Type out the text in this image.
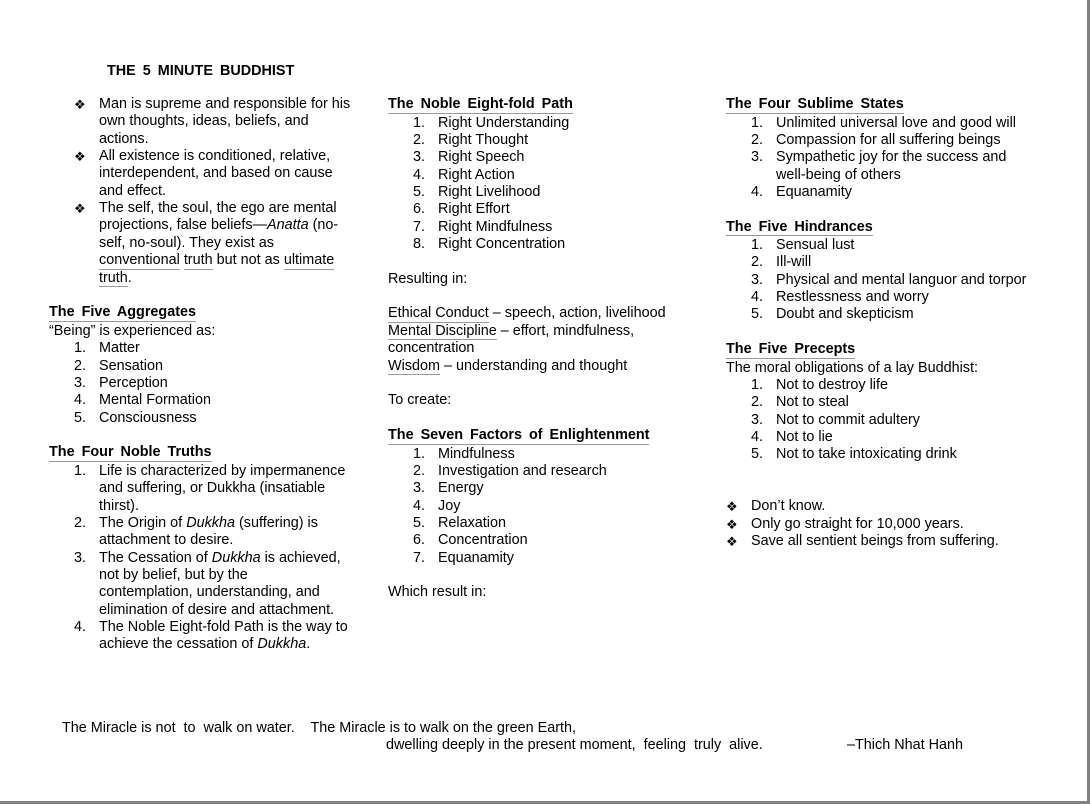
THE 5 MINUTE BUDDHIST
❖ Man is supreme and responsible for his
own thoughts, ideas, beliefs, and
actions.
❖ All existence is conditioned, relative,
interdependent, and based on cause
and effect.
❖ The self, the soul, the ego are mental
projections, false beliefs—Anatta (no-
self, no-soul). They exist as
conventional truth but not as ultimate
truth.
The Five Aggregates
“Being” is experienced as:
1. Matter
2. Sensation
3. Perception
4. Mental Formation
5. Consciousness
The Four Noble Truths
1. Life is characterized by impermanence
and suffering, or Dukkha (insatiable
thirst).
2. The Origin of Dukkha (suffering) is
attachment to desire.
3. The Cessation of Dukkha is achieved,
not by belief, but by the
contemplation, understanding, and
elimination of desire and attachment.
4. The Noble Eight-fold Path is the way to
achieve the cessation of Dukkha.
The Noble Eight-fold Path
1. Right Understanding
2. Right Thought
3. Right Speech
4. Right Action
5. Right Livelihood
6. Right Effort
7. Right Mindfulness
8. Right Concentration
Resulting in:
Ethical Conduct – speech, action, livelihood
Mental Discipline – effort, mindfulness,
concentration
Wisdom – understanding and thought
To create:
The Seven Factors of Enlightenment
1. Mindfulness
2. Investigation and research
3. Energy
4. Joy
5. Relaxation
6. Concentration
7. Equanamity
Which result in:
The Four Sublime States
1. Unlimited universal love and good will
2. Compassion for all suffering beings
3. Sympathetic joy for the success and
well-being of others
4. Equanamity
The Five Hindrances
1. Sensual lust
2. Ill-will
3. Physical and mental languor and torpor
4. Restlessness and worry
5. Doubt and skepticism
The Five Precepts
The moral obligations of a lay Buddhist:
1. Not to destroy life
2. Not to steal
3. Not to commit adultery
4. Not to lie
5. Not to take intoxicating drink
❖ Don’t know.
❖ Only go straight for 10,000 years.
❖ Save all sentient beings from suffering.
The Miracle is not  to  walk on water.    The Miracle is to walk on the green Earth,
dwelling deeply in the present moment,  feeling  truly  alive.	–Thich Nhat Hanh
